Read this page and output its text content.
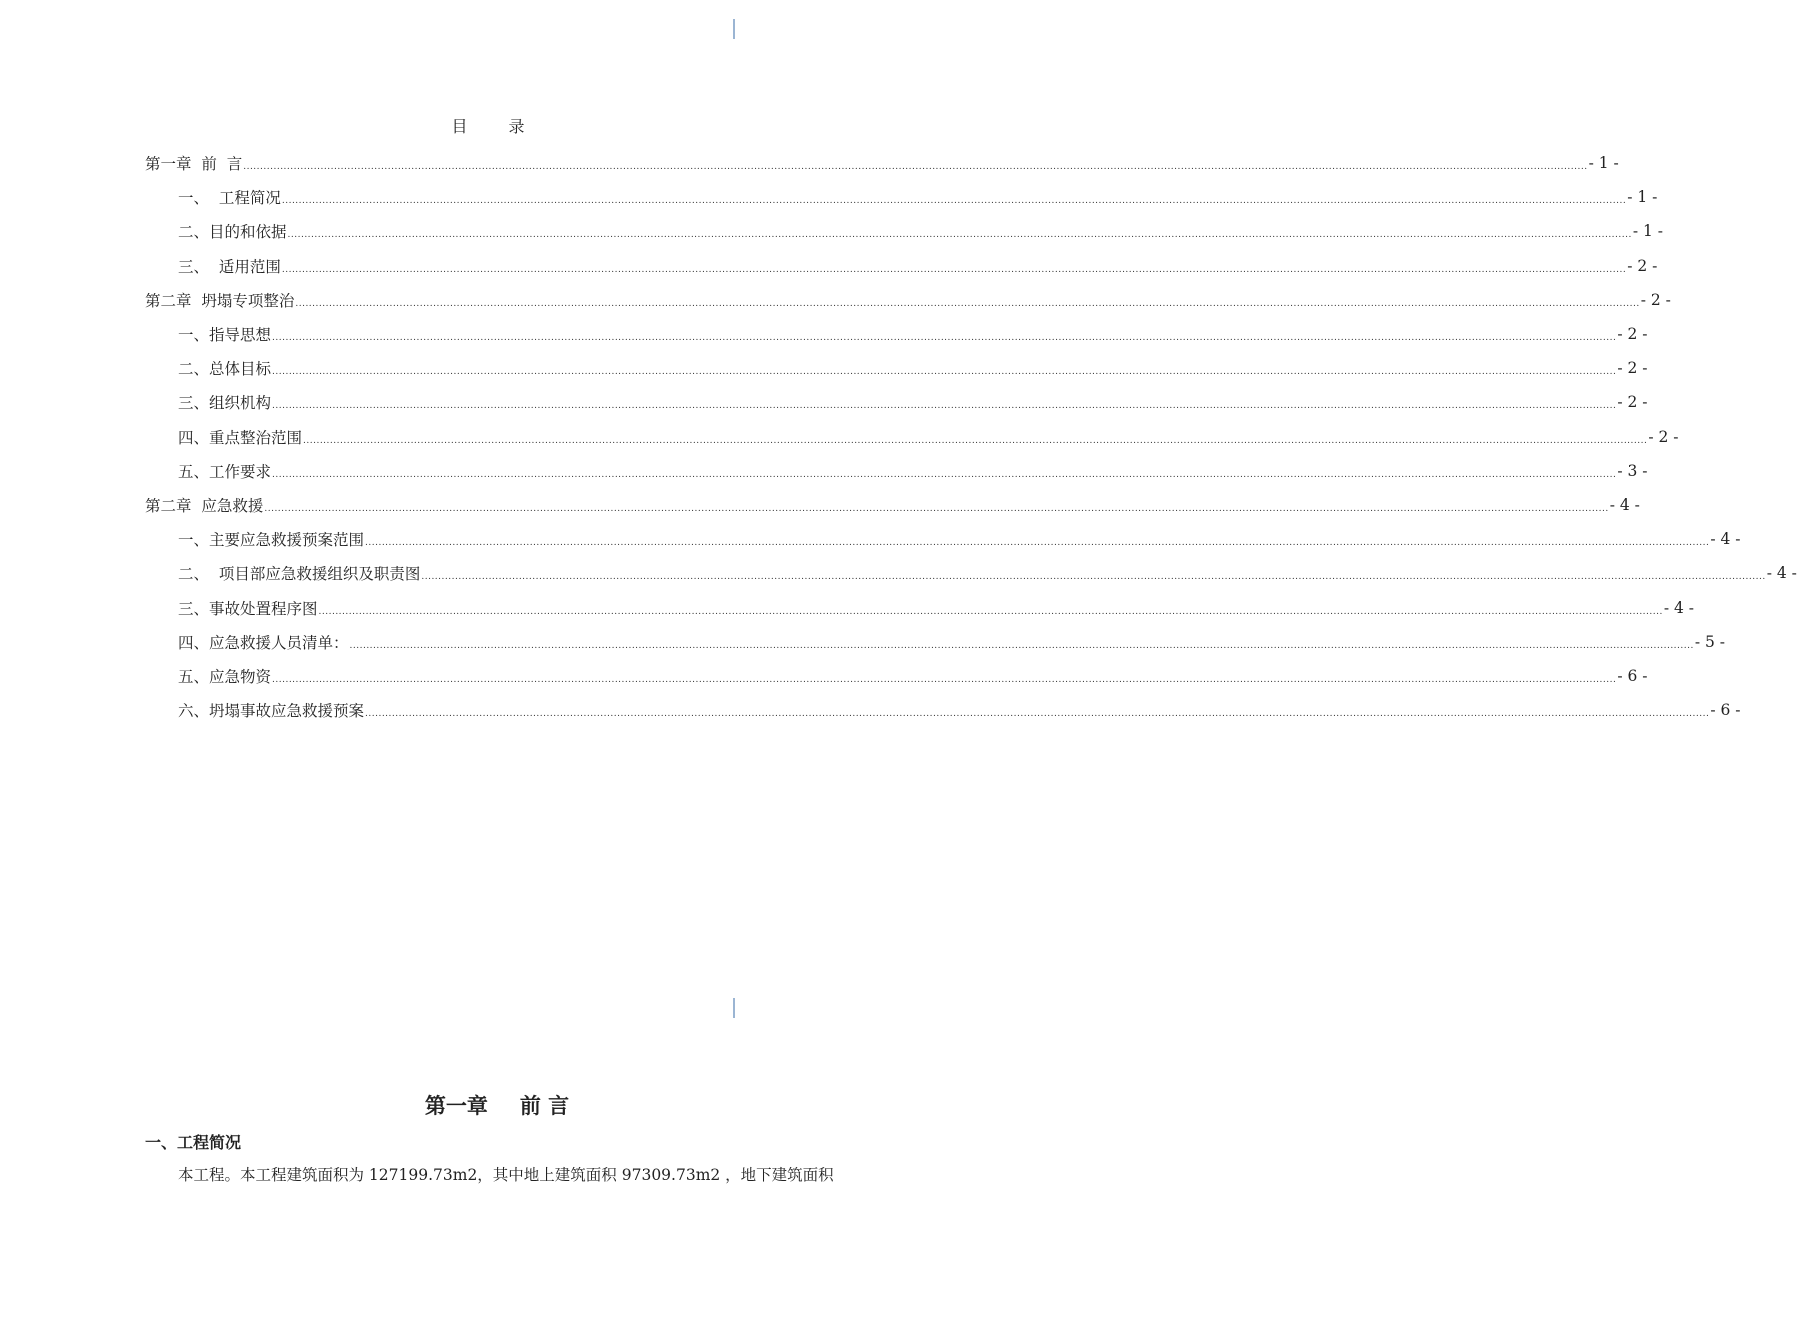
目 录
第一章  前  言 ................................................................................................................................................................................................................................................................................................................................................................................................................ - 1 -
一、  工程简况 ................................................................................................................................................................................................................................................................................................................................................................................................................ - 1 -
二、目的和依据 ................................................................................................................................................................................................................................................................................................................................................................................................................ - 1 -
三、  适用范围 ................................................................................................................................................................................................................................................................................................................................................................................................................ - 2 -
第二章  坍塌专项整治 ................................................................................................................................................................................................................................................................................................................................................................................................................ - 2 -
一、指导思想 ................................................................................................................................................................................................................................................................................................................................................................................................................ - 2 -
二、总体目标 ................................................................................................................................................................................................................................................................................................................................................................................................................ - 2 -
三、组织机构 ................................................................................................................................................................................................................................................................................................................................................................................................................ - 2 -
四、重点整治范围 ................................................................................................................................................................................................................................................................................................................................................................................................................ - 2 -
五、工作要求 ................................................................................................................................................................................................................................................................................................................................................................................................................ - 3 -
第二章  应急救援 ................................................................................................................................................................................................................................................................................................................................................................................................................ - 4 -
一、主要应急救援预案范围 ................................................................................................................................................................................................................................................................................................................................................................................................................ - 4 -
二、  项目部应急救援组织及职责图 ................................................................................................................................................................................................................................................................................................................................................................................................................ - 4 -
三、事故处置程序图 ................................................................................................................................................................................................................................................................................................................................................................................................................ - 4 -
四、应急救援人员清单： ................................................................................................................................................................................................................................................................................................................................................................................................................ - 5 -
五、应急物资 ................................................................................................................................................................................................................................................................................................................................................................................................................ - 6 -
六、坍塌事故应急救援预案 ................................................................................................................................................................................................................................................................................................................................................................................................................ - 6 -
第一章 前 言
一、工程简况
本工程。本工程建筑面积为 127199.73m2，其中地上建筑面积 97309.73m2 ，地下建筑面积
